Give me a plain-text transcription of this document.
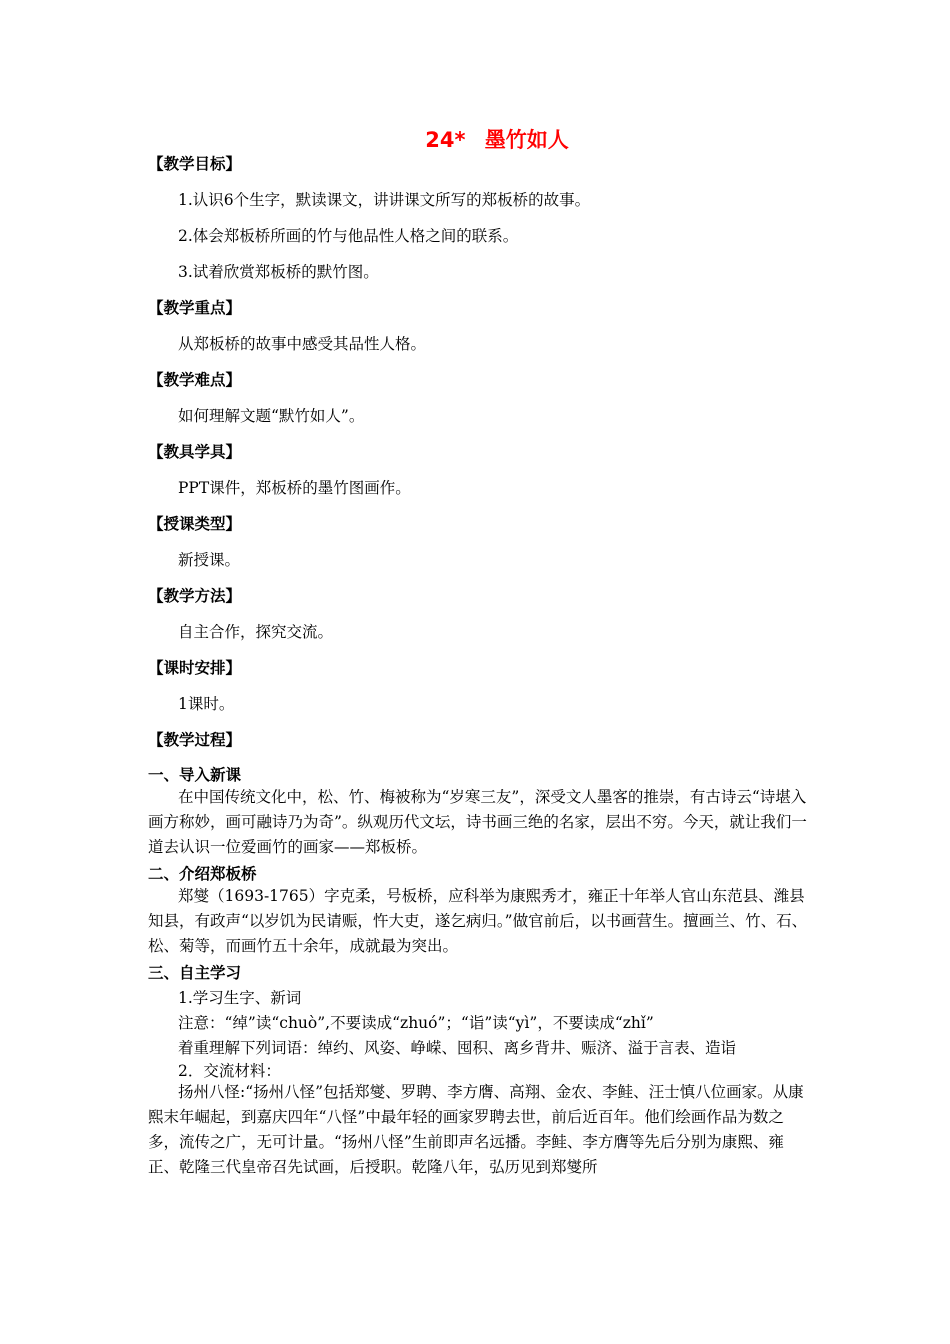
24* 墨竹如人
【教学目标】
1.认识6个生字，默读课文，讲讲课文所写的郑板桥的故事。
2.体会郑板桥所画的竹与他品性人格之间的联系。
3.试着欣赏郑板桥的默竹图。
【教学重点】
从郑板桥的故事中感受其品性人格。
【教学难点】
如何理解文题“默竹如人”。
【教具学具】
PPT课件，郑板桥的墨竹图画作。
【授课类型】
新授课。
【教学方法】
自主合作，探究交流。
【课时安排】
1课时。
【教学过程】
一、导入新课
在中国传统文化中，松、竹、梅被称为“岁寒三友”，深受文人墨客的推崇，有古诗云“诗堪入画方称妙，画可融诗乃为奇”。纵观历代文坛，诗书画三绝的名家，层出不穷。今天，就让我们一道去认识一位爱画竹的画家——郑板桥。
二、介绍郑板桥
郑燮（1693-1765）字克柔，号板桥，应科举为康熙秀才，雍正十年举人官山东范县、潍县知县，有政声“以岁饥为民请赈，忤大吏，遂乞病归。”做官前后，以书画营生。擅画兰、竹、石、松、菊等，而画竹五十余年，成就最为突出。
三、自主学习
1.学习生字、新词
注意：“绰”读“chuò”,不要读成“zhuó”；“诣”读“yì”，不要读成“zhǐ”
着重理解下列词语：绰约、风姿、峥嵘、囤积、离乡背井、赈济、溢于言表、造诣
2．交流材料：
扬州八怪:“扬州八怪”包括郑燮、罗聘、李方膺、高翔、金农、李鲑、汪士慎八位画家。从康熙末年崛起，到嘉庆四年“八怪”中最年轻的画家罗聘去世，前后近百年。他们绘画作品为数之多，流传之广，无可计量。“扬州八怪”生前即声名远播。李鲑、李方膺等先后分别为康熙、雍正、乾隆三代皇帝召先试画，后授职。乾隆八年，弘历见到郑燮所
